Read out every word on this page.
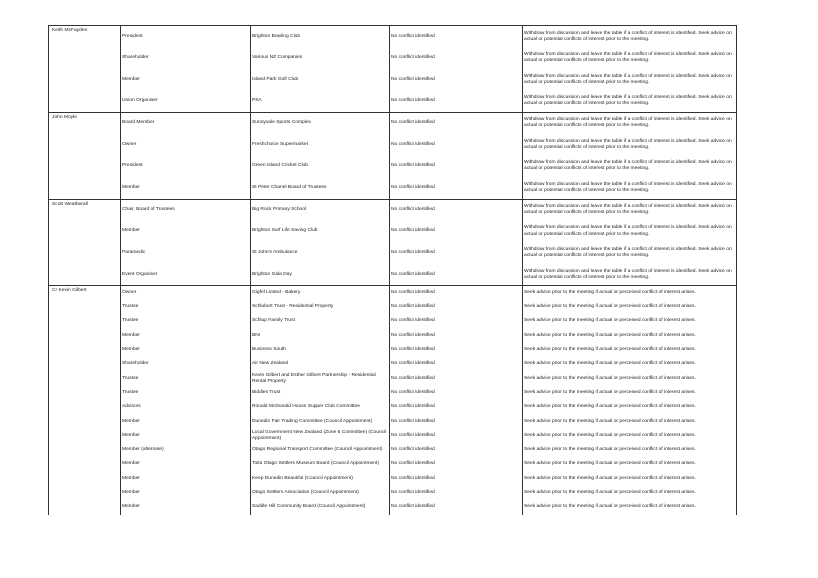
Keith McFayden	President	Brighton Bowling Club	No conflict identified	Withdraw from discussion and leave the table if a conflict of interest is identified. Seek advice on actual or potential conflicts of interest prior to the meeting.
	Shareholder	Various NZ Companies	No conflict identified	Withdraw from discussion and leave the table if a conflict of interest is identified. Seek advice on actual or potential conflicts of interest prior to the meeting.
	Member	Island Park Golf Club	No conflict identified	Withdraw from discussion and leave the table if a conflict of interest is identified. Seek advice on actual or potential conflicts of interest prior to the meeting.
	Union Organiser	PSA	No conflict identified	Withdraw from discussion and leave the table if a conflict of interest is identified. Seek advice on actual or potential conflicts of interest prior to the meeting.
John Moyle	Board Member	Sunnyvale Sports Complex	No conflict identified	Withdraw from discussion and leave the table if a conflict of interest is identified. Seek advice on actual or potential conflicts of interest prior to the meeting.
	Owner	Freshchoice Supermarket	No conflict identified	Withdraw from discussion and leave the table if a conflict of interest is identified. Seek advice on actual or potential conflicts of interest prior to the meeting.
	President	Green Island Cricket Club	No conflict identified	Withdraw from discussion and leave the table if a conflict of interest is identified. Seek advice on actual or potential conflicts of interest prior to the meeting.
	Member	St Peter Chanel Board of Trustees	No conflict identified	Withdraw from discussion and leave the table if a conflict of interest is identified. Seek advice on actual or potential conflicts of interest prior to the meeting.
Scott Weatherall	Chair, Board of Trustees	Big Rock Primary School	No conflict identified	Withdraw from discussion and leave the table if a conflict of interest is identified. Seek advice on actual or potential conflicts of interest prior to the meeting.
	Member	Brighton Surf Life Saving Club	No conflict identified	Withdraw from discussion and leave the table if a conflict of interest is identified. Seek advice on actual or potential conflicts of interest prior to the meeting.
	Paramedic	St John's Ambulance	No conflict identified	Withdraw from discussion and leave the table if a conflict of interest is identified. Seek advice on actual or potential conflicts of interest prior to the meeting.
	Event Organiser	Brighton Gala Day	No conflict identified	Withdraw from discussion and leave the table if a conflict of interest is identified. Seek advice on actual or potential conflicts of interest prior to the meeting.
Cr Kevin Gilbert	Owner	Gigfel Limted - Bakery	No conflict identified	Seek advice prior to the meeting if actual or perceived conflict of interest arises.
	Trustee	Schlubert Trust - Residential Property	No conflict identified	Seek advice prior to the meeting if actual or perceived conflict of interest arises.
	Trustee	Schlup Family Trust	No conflict identified	Seek advice prior to the meeting if actual or perceived conflict of interest arises.
	Member	BNI	No conflict identified	Seek advice prior to the meeting if actual or perceived conflict of interest arises.
	Member	Business South	No conflict identified	Seek advice prior to the meeting if actual or perceived conflict of interest arises.
	Shareholder	Air New Zealand	No conflict identified	Seek advice prior to the meeting if actual or perceived conflict of interest arises.
	Trustee	Kevin Gilbert and Esther Gilbert Partnership - Residential Rental Property	No conflict identified	Seek advice prior to the meeting if actual or perceived conflict of interest arises.
	Trustee	Biddies Trust	No conflict identified	Seek advice prior to the meeting if actual or perceived conflict of interest arises.
	Advisors	Ronald McDonald House Supper Club Committee	No conflict identified	Seek advice prior to the meeting if actual or perceived conflict of interest arises.
	Member	Dunedin Fair Trading Committee (Council Appointment)	No conflict identified	Seek advice prior to the meeting if actual or perceived conflict of interest arises.
	Member	Local Government New Zealand (Zone 6 Committee) (Council Appointment)	No conflict identified	Seek advice prior to the meeting if actual or perceived conflict of interest arises.
	Member (alternate)	Otago Regional Transport Committee (Council Appointment)	No conflict identified	Seek advice prior to the meeting if actual or perceived conflict of interest arises.
	Member	Toitū Otago Settlers Museum Board (Council Appointment)	No conflict identified	Seek advice prior to the meeting if actual or perceived conflict of interest arises.
	Member	Keep Dunedin Beautiful (Council Appointment)	No conflict identified	Seek advice prior to the meeting if actual or perceived conflict of interest arises.
	Member	Otago Settlers Association (Council Appointment)	No conflict identified	Seek advice prior to the meeting if actual or perceived conflict of interest arises.
	Member	Saddle Hill Community Board (Council Appointment)	No conflict identified	Seek advice prior to the meeting if actual or perceived conflict of interest arises.
